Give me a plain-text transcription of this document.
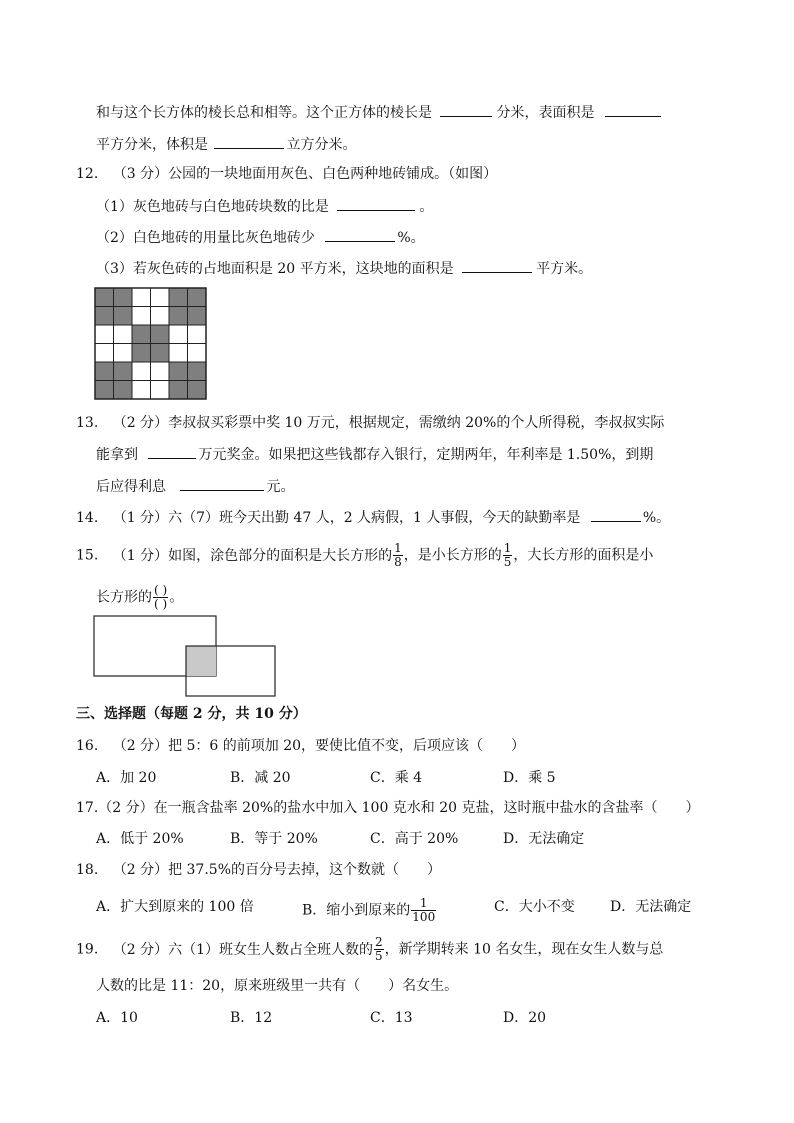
和与这个长方体的棱长总和相等。这个正方体的棱长是	分米，表面积是
平方分米，体积是	立方分米。
12. （3 分）公园的一块地面用灰色、白色两种地砖铺成。（如图）
（1）灰色地砖与白色地砖块数的比是	。
（2）白色地砖的用量比灰色地砖少	%。
（3）若灰色砖的占地面积是 20 平方米，这块地的面积是	平方米。
13. （2 分）李叔叔买彩票中奖 10 万元，根据规定，需缴纳 20%的个人所得税，李叔叔实际
能拿到	万元奖金。如果把这些钱都存入银行，定期两年，年利率是 1.50%，到期
后应得利息	元。
14. （1 分）六（7）班今天出勤 47 人，2 人病假，1 人事假，今天的缺勤率是	%。
15. （1 分）如图，涂色部分的面积是大长方形的 $\frac{1}{8}$ ，是小长方形的 $\frac{1}{5}$ ，大长方形的面积是小
长方形的 $\frac{( )}{( )}$ 。
三、选择题（每题 2 分，共 10 分）
16. （2 分）把 5：6 的前项加 20，要使比值不变，后项应该（　　）
A．加 20	B．减 20	C．乘 4	D．乘 5
17.（2 分）在一瓶含盐率 20%的盐水中加入 100 克水和 20 克盐，这时瓶中盐水的含盐率（　　）
A．低于 20%	B．等于 20%	C．高于 20%	D．无法确定
18. （2 分）把 37.5%的百分号去掉，这个数就（　　）
A．扩大到原来的 100 倍	B．缩小到原来的 $\frac{1}{100}$	C．大小不变	D．无法确定
19. （2 分）六（1）班女生人数占全班人数的 $\frac{2}{5}$ ，新学期转来 10 名女生，现在女生人数与总
人数的比是 11：20，原来班级里一共有（　　）名女生。
A．10	B．12	C．13	D．20
